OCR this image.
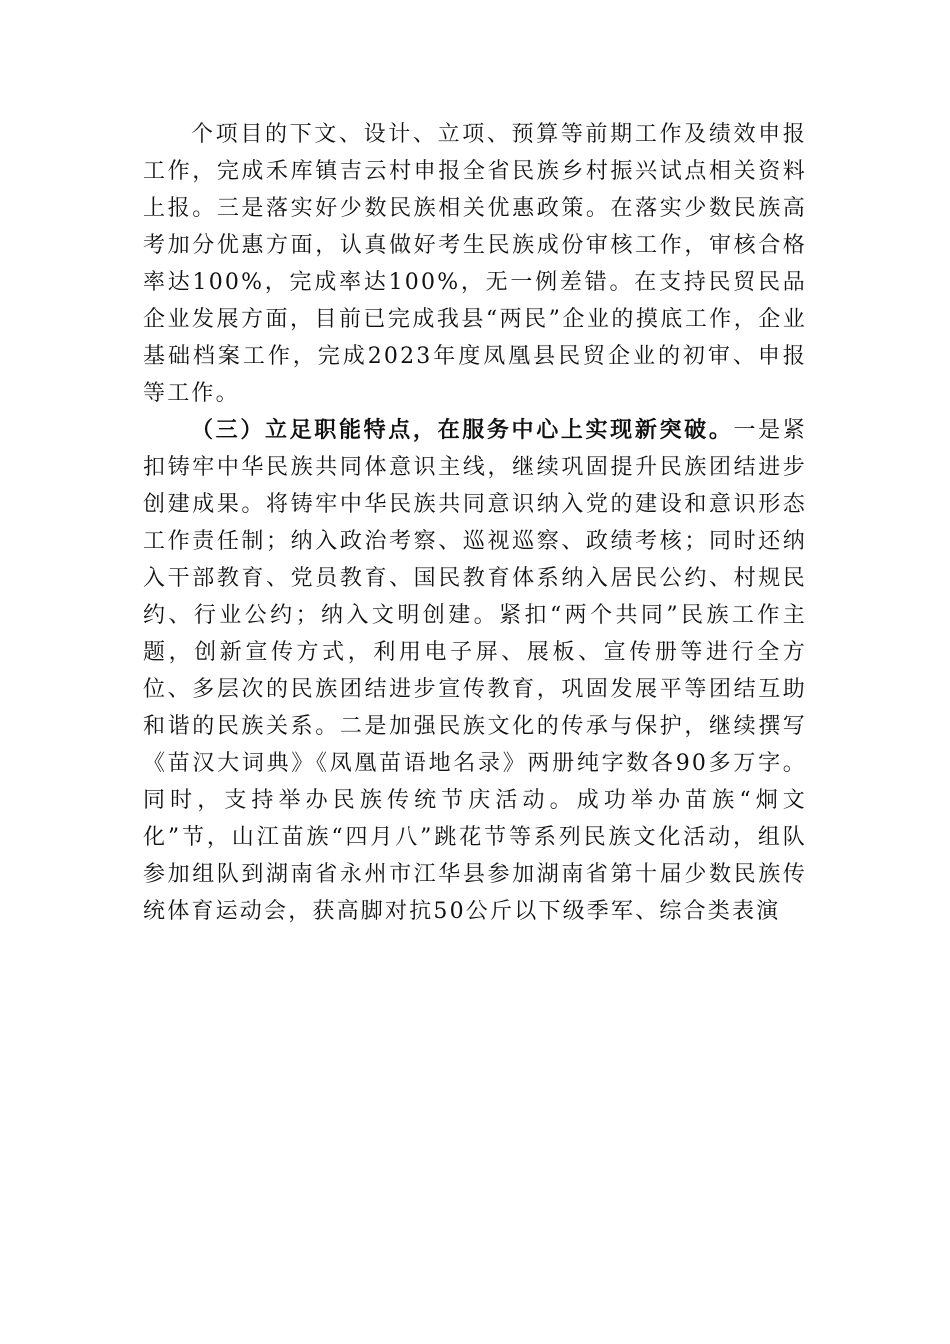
个项目的下文、设计、立项、预算等前期工作及绩效申报工作，完成禾库镇吉云村申报全省民族乡村振兴试点相关资料上报。三是落实好少数民族相关优惠政策。在落实少数民族高考加分优惠方面，认真做好考生民族成份审核工作，审核合格率达100%，完成率达100%，无一例差错。在支持民贸民品企业发展方面，目前已完成我县“两民”企业的摸底工作，企业基础档案工作，完成2023年度凤凰县民贸企业的初审、申报等工作。

（三）立足职能特点，在服务中心上实现新突破。一是紧扣铸牢中华民族共同体意识主线，继续巩固提升民族团结进步创建成果。将铸牢中华民族共同意识纳入党的建设和意识形态工作责任制；纳入政治考察、巡视巡察、政绩考核；同时还纳入干部教育、党员教育、国民教育体系纳入居民公约、村规民约、行业公约；纳入文明创建。紧扣“两个共同”民族工作主题，创新宣传方式，利用电子屏、展板、宣传册等进行全方位、多层次的民族团结进步宣传教育，巩固发展平等团结互助和谐的民族关系。二是加强民族文化的传承与保护，继续撰写《苗汉大词典》《凤凰苗语地名录》两册纯字数各90多万字。同时，支持举办民族传统节庆活动。成功举办苗族“炯文化”节，山江苗族“四月八”跳花节等系列民族文化活动，组队参加组队到湖南省永州市江华县参加湖南省第十届少数民族传统体育运动会，获高脚对抗50公斤以下级季军、综合类表演
